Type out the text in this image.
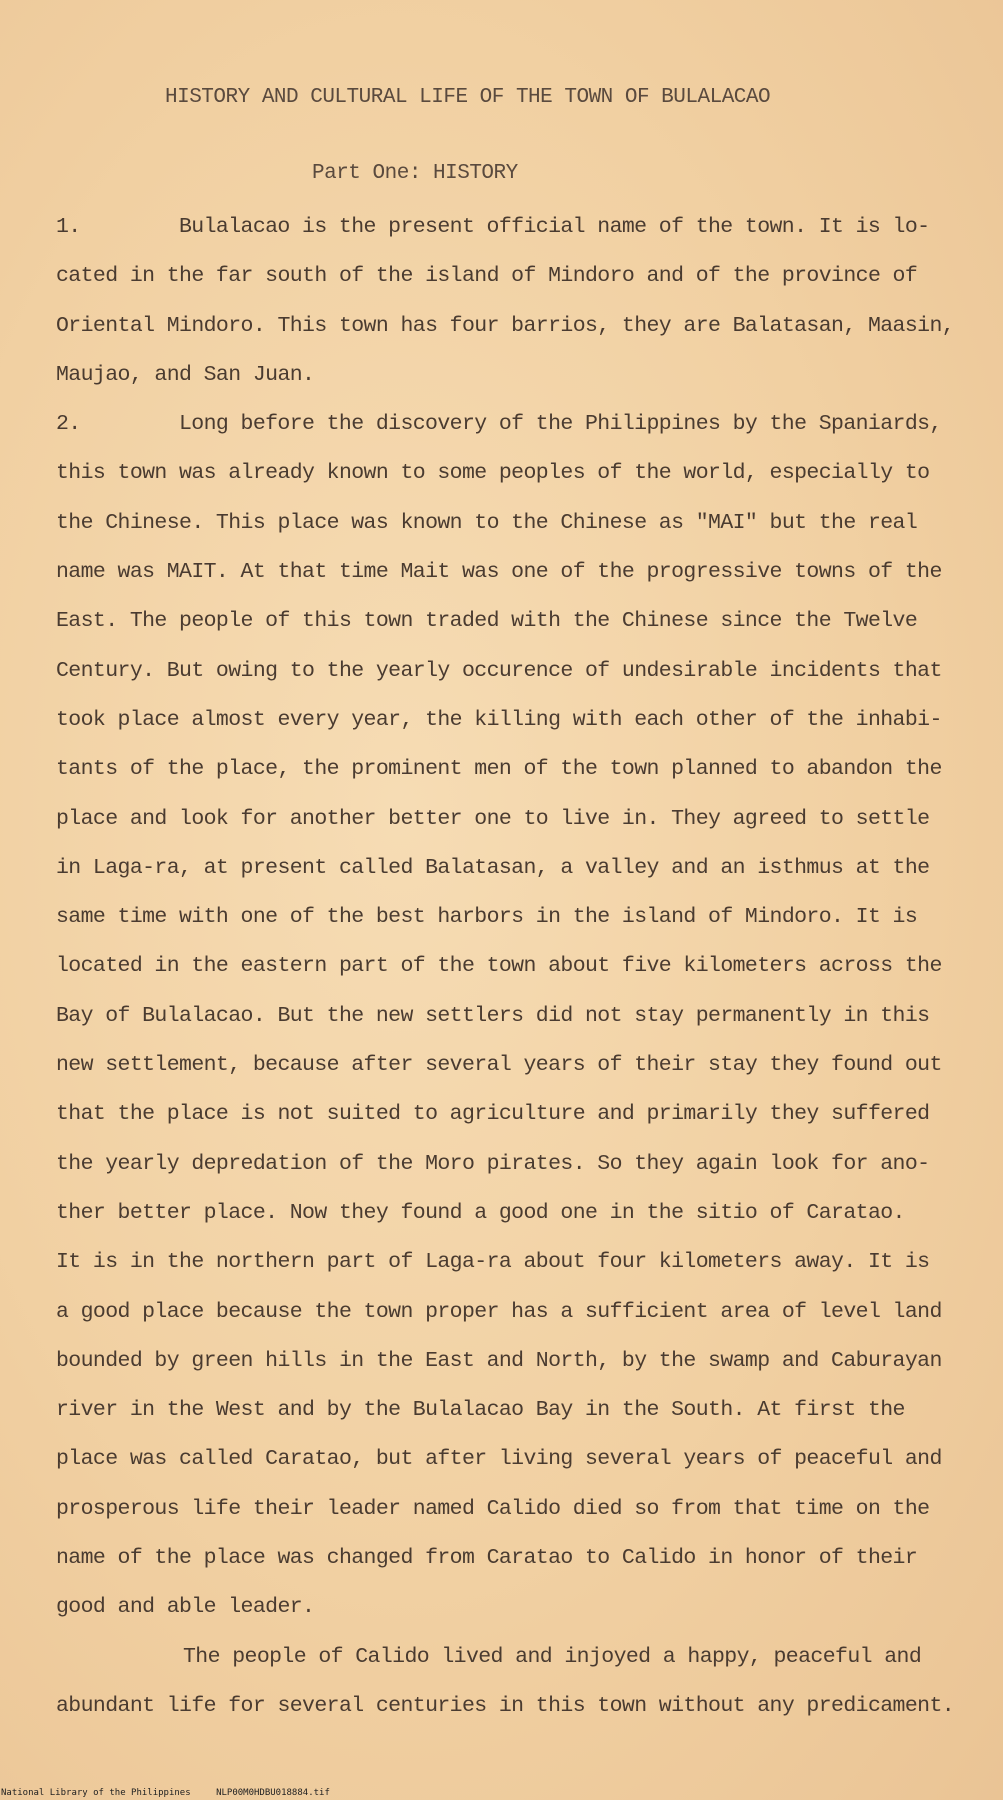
HISTORY AND CULTURAL LIFE OF THE TOWN OF BULALACAO
Part One: HISTORY
1.	Bulalacao is the present official name of the town. It is lo-
cated in the far south of the island of Mindoro and of the province of
Oriental Mindoro. This town has four barrios, they are Balatasan, Maasin,
Maujao, and San Juan.
2.	Long before the discovery of the Philippines by the Spaniards,
this town was already known to some peoples of the world, especially to
the Chinese. This place was known to the Chinese as "MAI" but the real
name was MAIT. At that time Mait was one of the progressive towns of the
East. The people of this town traded with the Chinese since the Twelve
Century. But owing to the yearly occurence of undesirable incidents that
took place almost every year, the killing with each other of the inhabi-
tants of the place, the prominent men of the town planned to abandon the
place and look for another better one to live in. They agreed to settle
in Laga-ra, at present called Balatasan, a valley and an isthmus at the
same time with one of the best harbors in the island of Mindoro. It is
located in the eastern part of the town about five kilometers across the
Bay of Bulalacao. But the new settlers did not stay permanently in this
new settlement, because after several years of their stay they found out
that the place is not suited to agriculture and primarily they suffered
the yearly depredation of the Moro pirates. So they again look for ano-
ther better place. Now they found a good one in the sitio of Caratao.
It is in the northern part of Laga-ra about four kilometers away. It is
a good place because the town proper has a sufficient area of level land
bounded by green hills in the East and North, by the swamp and Caburayan
river in the West and by the Bulalacao Bay in the South. At first the
place was called Caratao, but after living several years of peaceful and
prosperous life their leader named Calido died so from that time on the
name of the place was changed from Caratao to Calido in honor of their
good and able leader.
The people of Calido lived and injoyed a happy, peaceful and
abundant life for several centuries in this town without any predicament.
National Library of the Philippines	NLP00M0HDBU018884.tif
